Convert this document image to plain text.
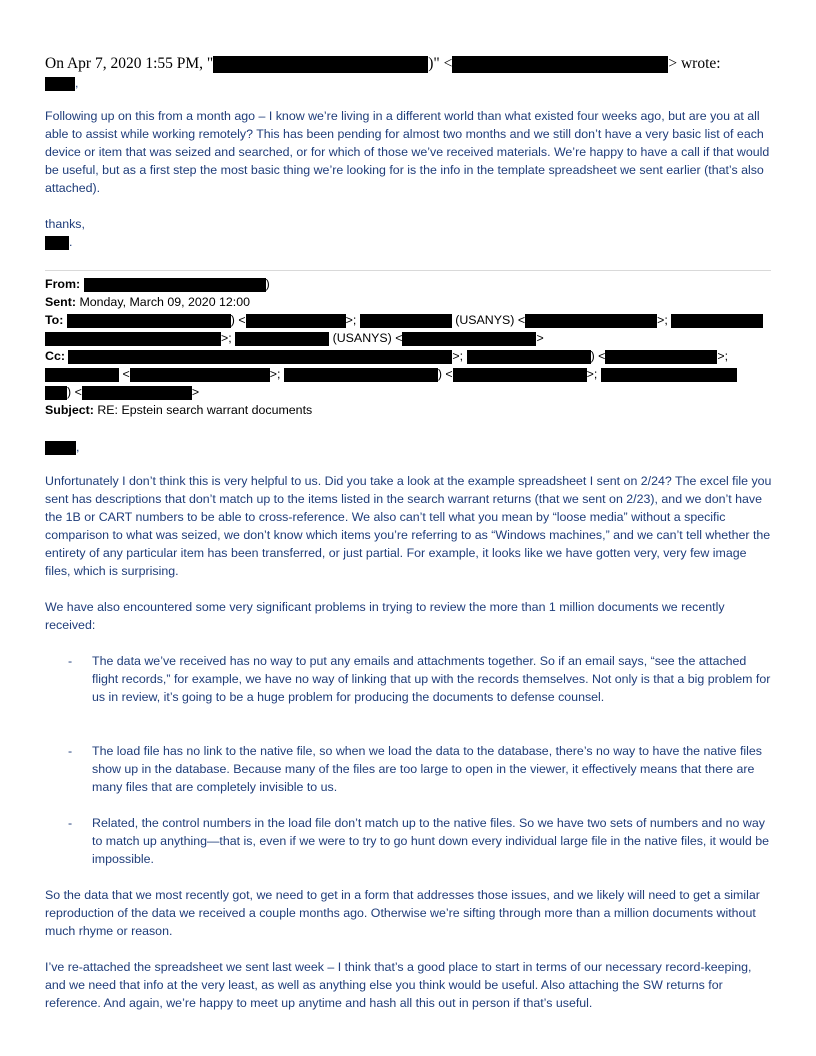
On Apr 7, 2020 1:55 PM, "	)" <	> wrote:
,
Following up on this from a month ago – I know we’re living in a different world than what existed four weeks ago, but are you at all able to assist while working remotely? This has been pending for almost two months and we still don’t have a very basic list of each device or item that was seized and searched, or for which of those we’ve received materials. We’re happy to have a call if that would be useful, but as a first step the most basic thing we’re looking for is the info in the template spreadsheet we sent earlier (that’s also attached).
thanks,
.
From:	)
Sent: Monday, March 09, 2020 12:00
To:	) <	>;	(USANYS) <	>;
>;	(USANYS) <	>
Cc:	>;	) <	>;
<	>;	) <	>;
) <	>
Subject: RE: Epstein search warrant documents
,
Unfortunately I don’t think this is very helpful to us. Did you take a look at the example spreadsheet I sent on 2/24? The excel file you sent has descriptions that don’t match up to the items listed in the search warrant returns (that we sent on 2/23), and we don’t have the 1B or CART numbers to be able to cross-reference. We also can’t tell what you mean by “loose media” without a specific comparison to what was seized, we don’t know which items you’re referring to as “Windows machines,” and we can’t tell whether the entirety of any particular item has been transferred, or just partial. For example, it looks like we have gotten very, very few image files, which is surprising.
We have also encountered some very significant problems in trying to review the more than 1 million documents we recently received:
- The data we’ve received has no way to put any emails and attachments together. So if an email says, “see the attached flight records,” for example, we have no way of linking that up with the records themselves. Not only is that a big problem for us in review, it’s going to be a huge problem for producing the documents to defense counsel.
- The load file has no link to the native file, so when we load the data to the database, there’s no way to have the native files show up in the database. Because many of the files are too large to open in the viewer, it effectively means that there are many files that are completely invisible to us.
- Related, the control numbers in the load file don’t match up to the native files. So we have two sets of numbers and no way to match up anything—that is, even if we were to try to go hunt down every individual large file in the native files, it would be impossible.
So the data that we most recently got, we need to get in a form that addresses those issues, and we likely will need to get a similar reproduction of the data we received a couple months ago. Otherwise we’re sifting through more than a million documents without much rhyme or reason.
I’ve re-attached the spreadsheet we sent last week – I think that’s a good place to start in terms of our necessary record-keeping, and we need that info at the very least, as well as anything else you think would be useful. Also attaching the SW returns for reference. And again, we’re happy to meet up anytime and hash all this out in person if that’s useful.
